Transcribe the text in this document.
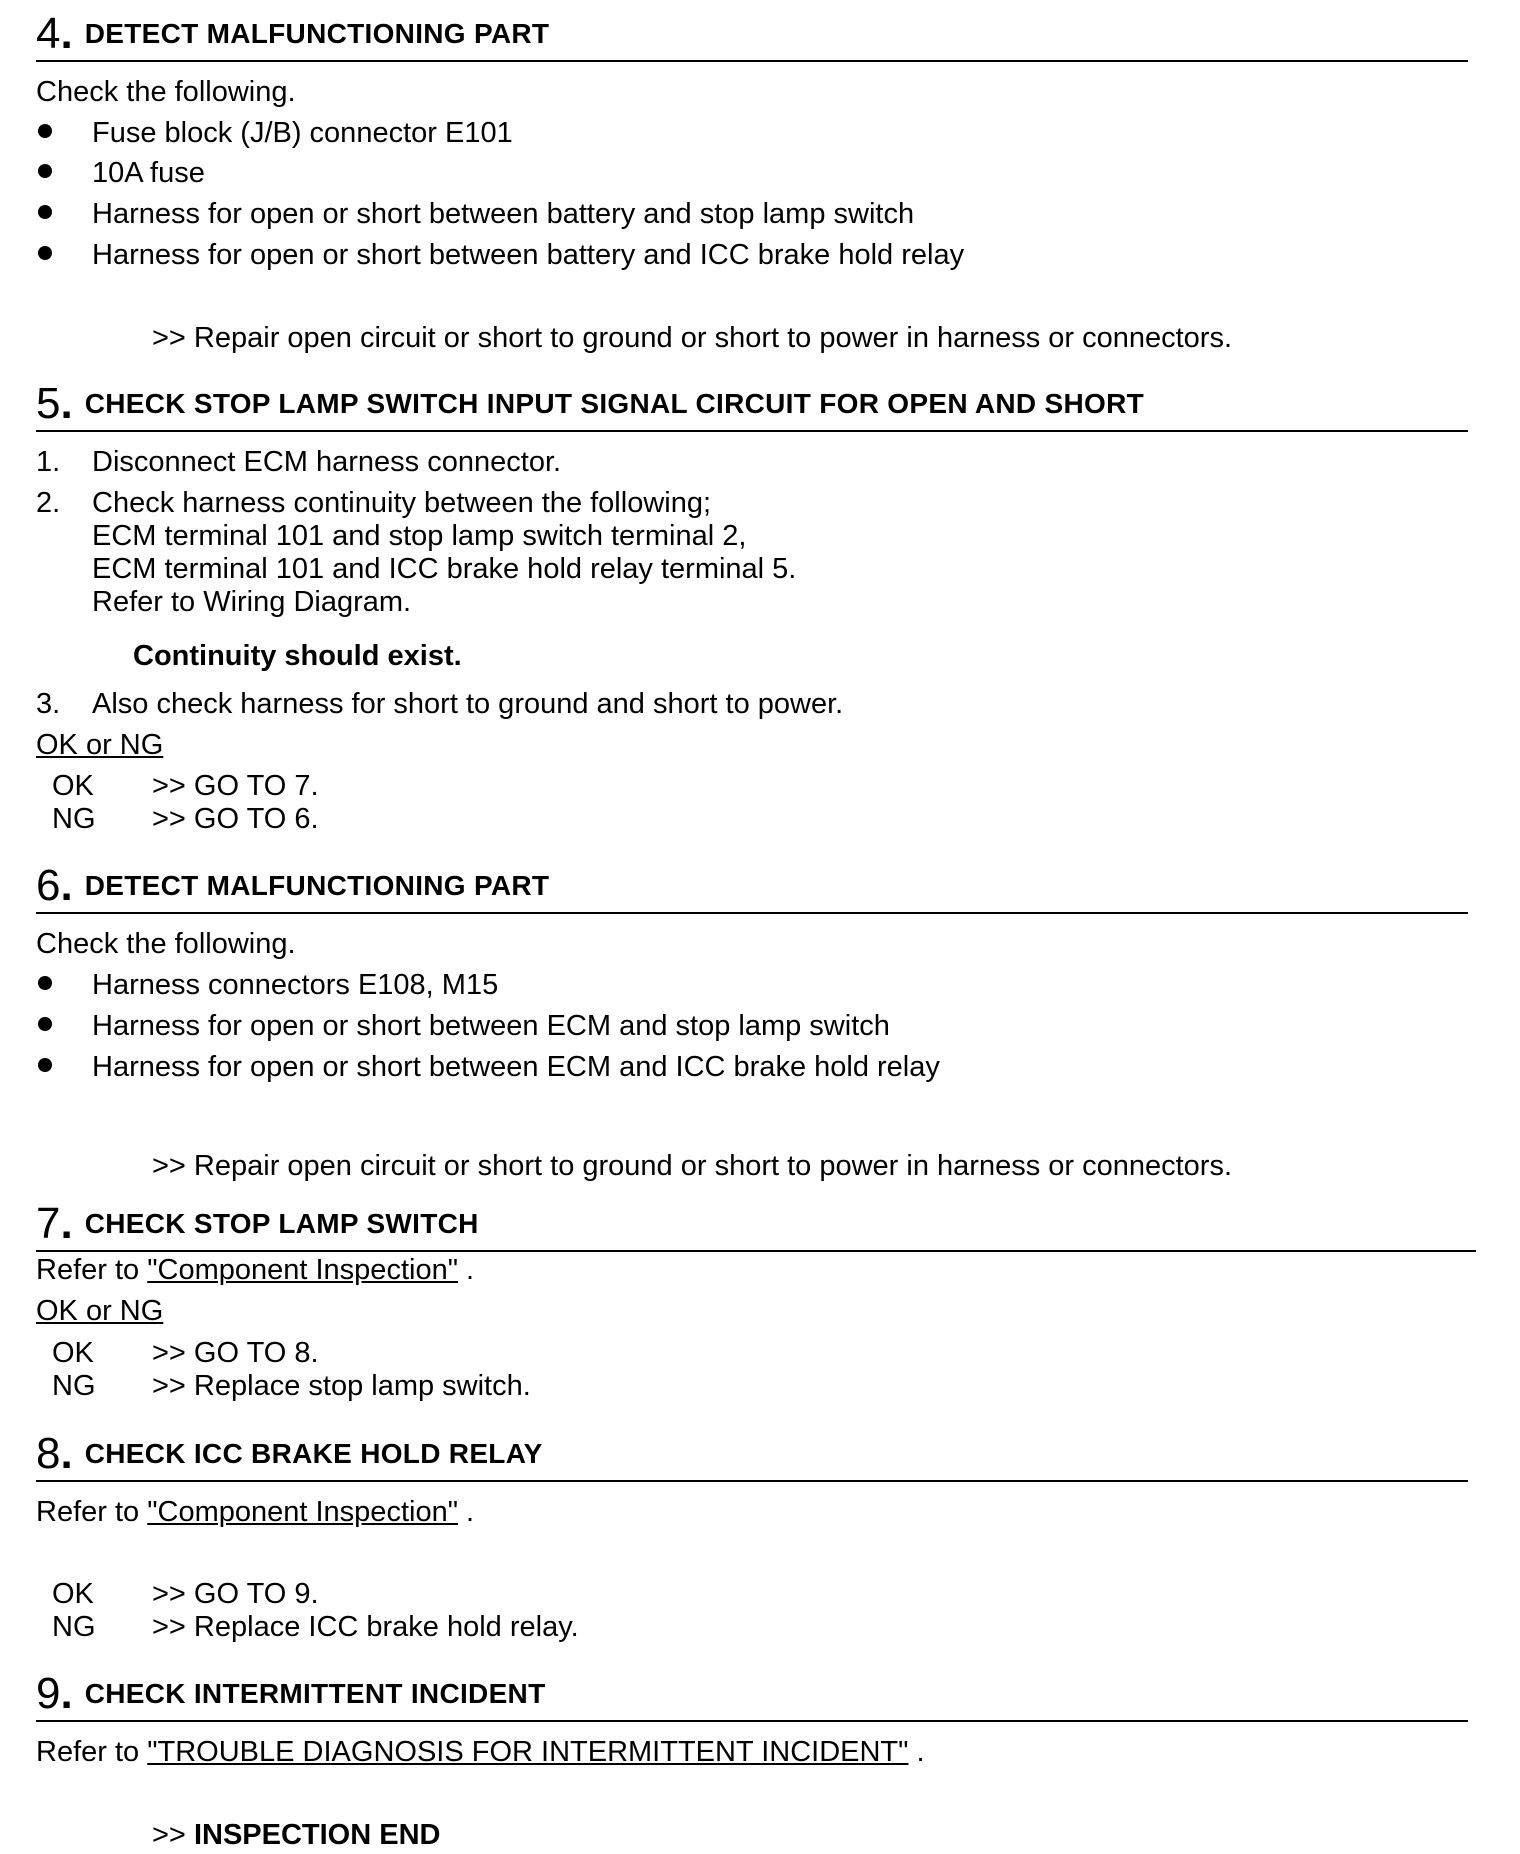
4. DETECT MALFUNCTIONING PART
Check the following.
Fuse block (J/B) connector E101
10A fuse
Harness for open or short between battery and stop lamp switch
Harness for open or short between battery and ICC brake hold relay
>> Repair open circuit or short to ground or short to power in harness or connectors.
5. CHECK STOP LAMP SWITCH INPUT SIGNAL CIRCUIT FOR OPEN AND SHORT
1. Disconnect ECM harness connector.
2. Check harness continuity between the following;
ECM terminal 101 and stop lamp switch terminal 2,
ECM terminal 101 and ICC brake hold relay terminal 5.
Refer to Wiring Diagram.
Continuity should exist.
3. Also check harness for short to ground and short to power.
OK or NG
OK >> GO TO 7.
NG >> GO TO 6.
6. DETECT MALFUNCTIONING PART
Check the following.
Harness connectors E108, M15
Harness for open or short between ECM and stop lamp switch
Harness for open or short between ECM and ICC brake hold relay
>> Repair open circuit or short to ground or short to power in harness or connectors.
7. CHECK STOP LAMP SWITCH
Refer to "Component Inspection" .
OK or NG
OK >> GO TO 8.
NG >> Replace stop lamp switch.
8. CHECK ICC BRAKE HOLD RELAY
Refer to "Component Inspection" .
OK >> GO TO 9.
NG >> Replace ICC brake hold relay.
9. CHECK INTERMITTENT INCIDENT
Refer to "TROUBLE DIAGNOSIS FOR INTERMITTENT INCIDENT" .
>> INSPECTION END
